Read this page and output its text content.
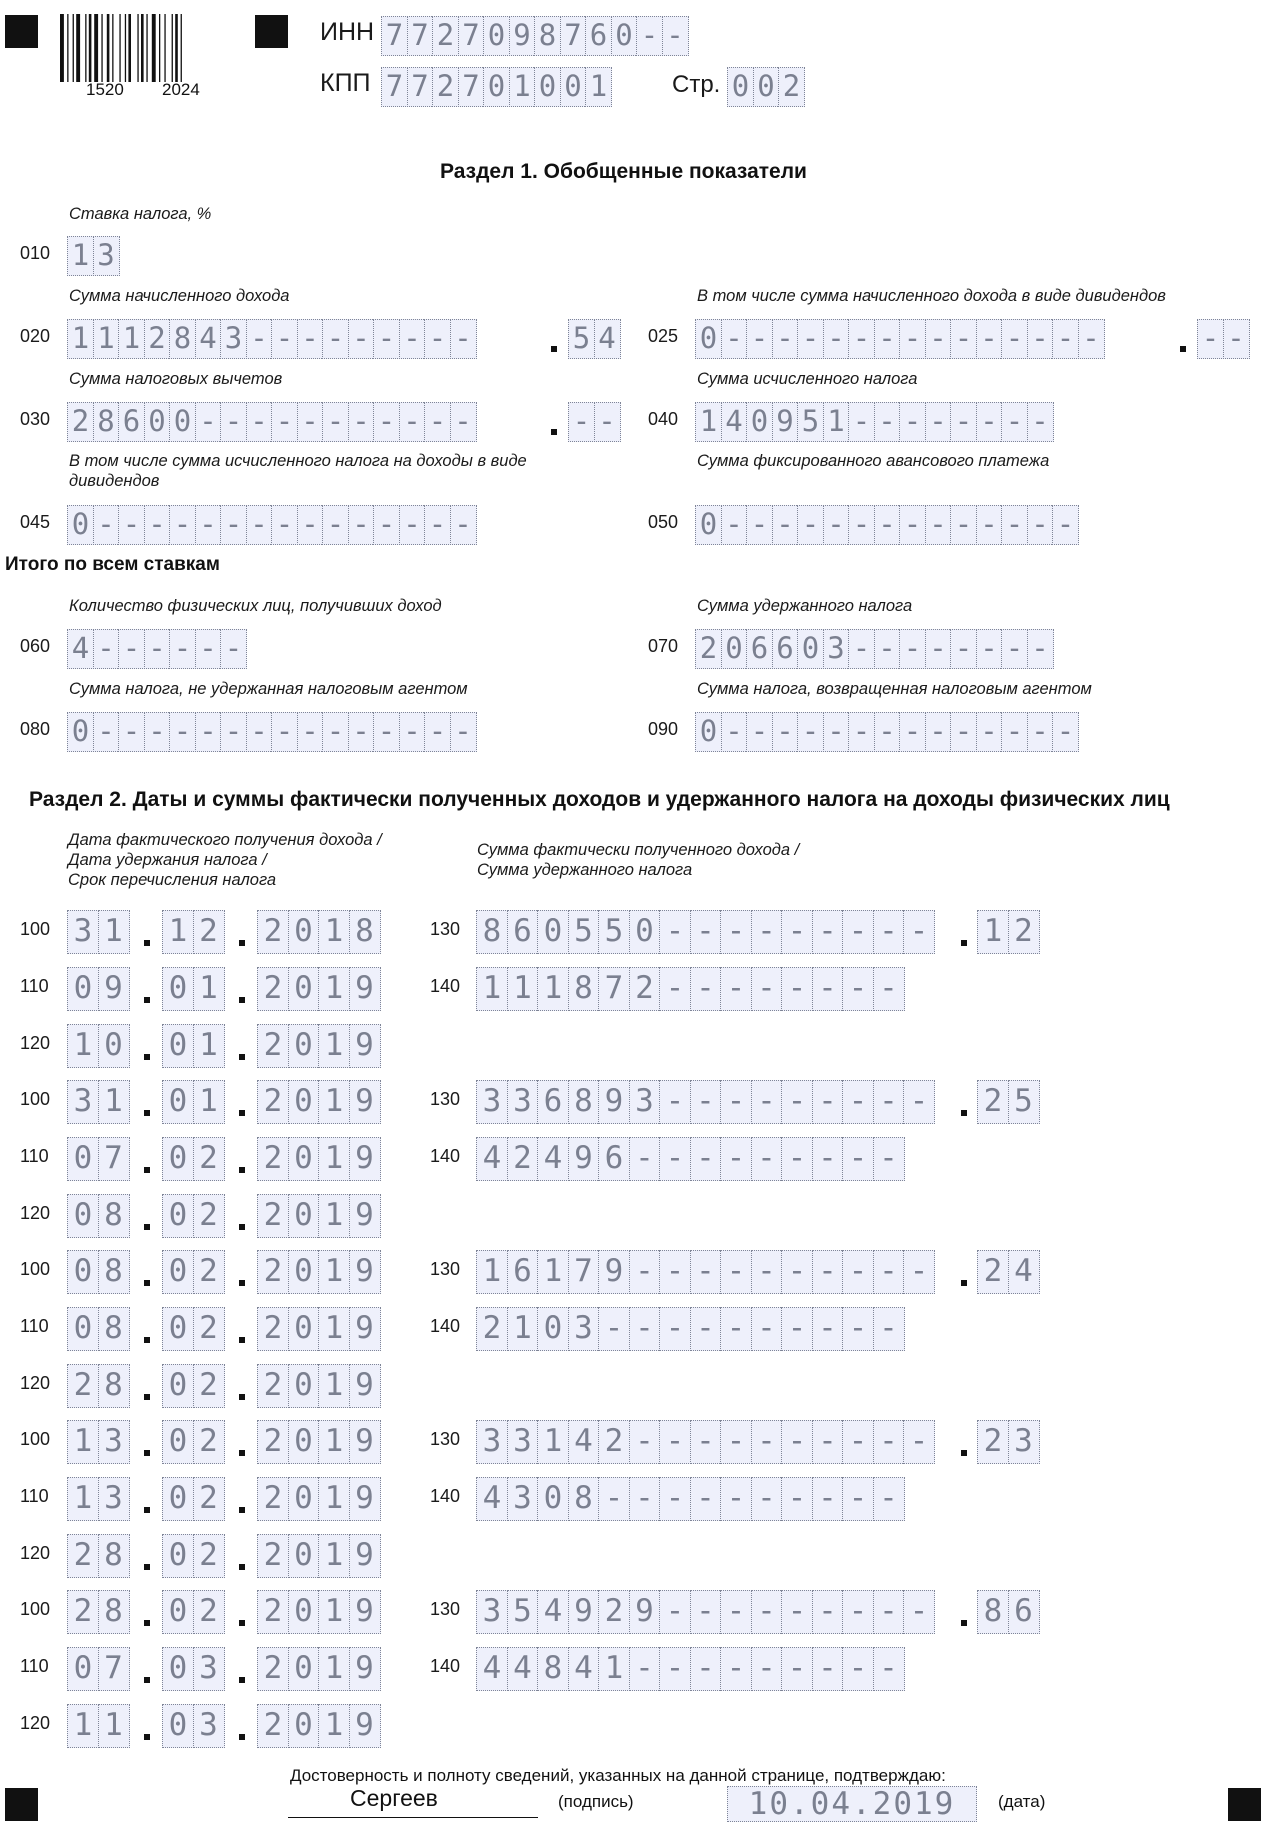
1520 2024
ИНН 7 7 2 7 0 9 8 7 6 0 - -
КПП 7 7 2 7 0 1 0 0 1	Стр. 0 0 2
Раздел 1. Обобщенные показатели
Ставка налога, %
010 1 3
Сумма начисленного дохода
020 1 1 1 2 8 4 3 - - - - - - - - -	5 4
В том числе сумма начисленного дохода в виде дивидендов
025 0 - - - - - - - - - - - - - - -	- -
Сумма налоговых вычетов
030 2 8 6 0 0 - - - - - - - - - - -	- -
Сумма исчисленного налога
040 1 4 0 9 5 1 - - - - - - - -
В том числе сумма исчисленного налога на доходы в виде дивидендов
045 0 - - - - - - - - - - - - - - -
Сумма фиксированного авансового платежа
050 0 - - - - - - - - - - - - - -
Итого по всем ставкам
Количество физических лиц, получивших доход
060 4 - - - - - -
Сумма удержанного налога
070 2 0 6 6 0 3 - - - - - - - -
Сумма налога, не удержанная налоговым агентом
080 0 - - - - - - - - - - - - - - -
Сумма налога, возвращенная налоговым агентом
090 0 - - - - - - - - - - - - - -
Раздел 2. Даты и суммы фактически полученных доходов и удержанного налога на доходы физических лиц
Дата фактического получения дохода /
Дата удержания налога /
Срок перечисления налога
Сумма фактически полученного дохода /
Сумма удержанного налога
100 3 1 1 2 2 0 1 8
110 0 9 0 1 2 0 1 9
120 1 0 0 1 2 0 1 9
130 8 6 0 5 5 0 - - - - - - - - - 1 2
140 1 1 1 8 7 2 - - - - - - - -
100 3 1 0 1 2 0 1 9
110 0 7 0 2 2 0 1 9
120 0 8 0 2 2 0 1 9
130 3 3 6 8 9 3 - - - - - - - - - 2 5
140 4 2 4 9 6 - - - - - - - - -
100 0 8 0 2 2 0 1 9
110 0 8 0 2 2 0 1 9
120 2 8 0 2 2 0 1 9
130 1 6 1 7 9 - - - - - - - - - - 2 4
140 2 1 0 3 - - - - - - - - - -
100 1 3 0 2 2 0 1 9
110 1 3 0 2 2 0 1 9
120 2 8 0 2 2 0 1 9
130 3 3 1 4 2 - - - - - - - - - - 2 3
140 4 3 0 8 - - - - - - - - - -
100 2 8 0 2 2 0 1 9
110 0 7 0 3 2 0 1 9
120 1 1 0 3 2 0 1 9
130 3 5 4 9 2 9 - - - - - - - - - 8 6
140 4 4 8 4 1 - - - - - - - - -
Достоверность и полноту сведений, указанных на данной странице, подтверждаю:
Сергеев	(подпись)	10.04.2019	(дата)
